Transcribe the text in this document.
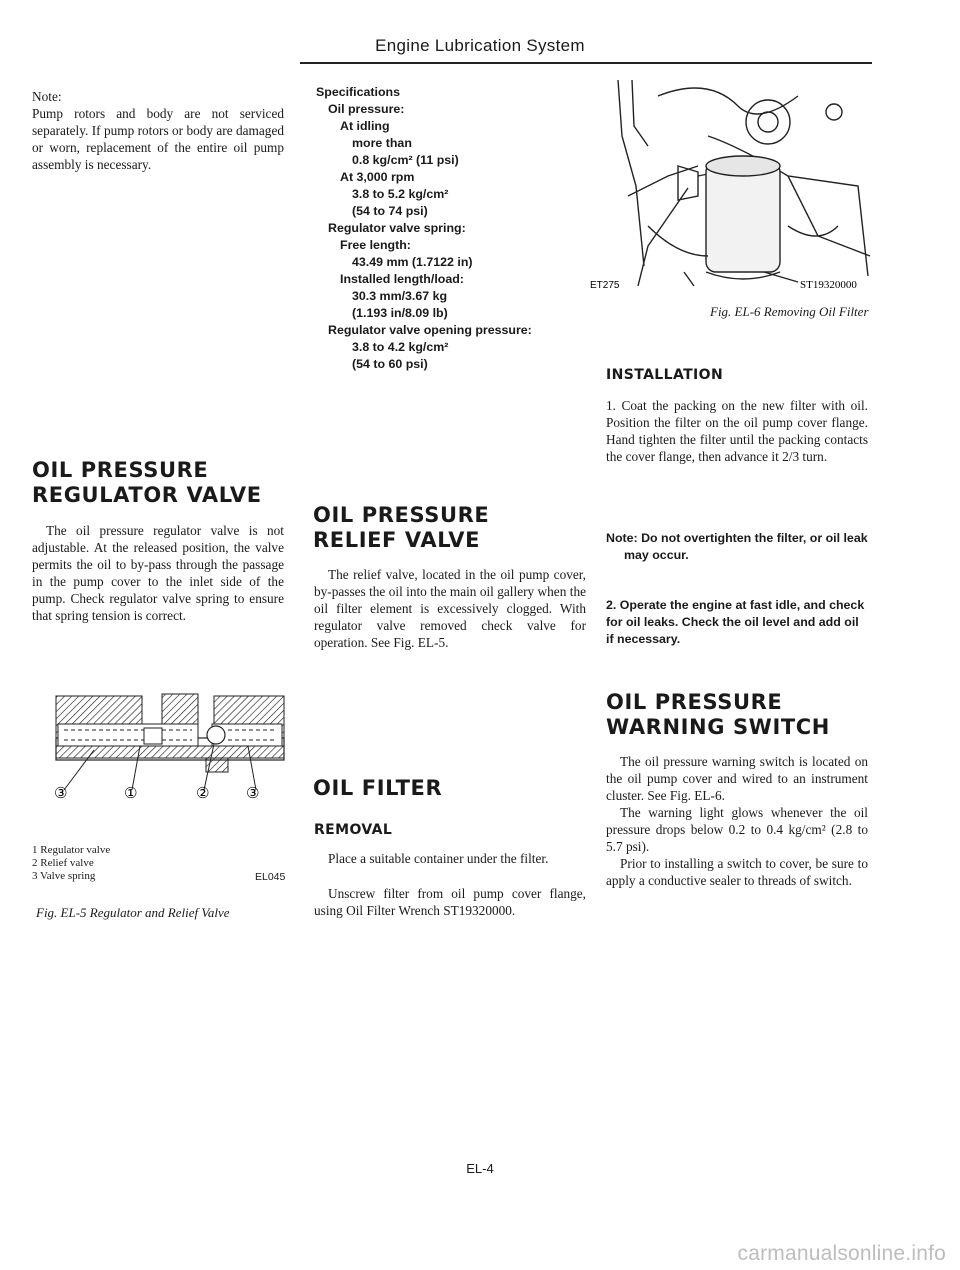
Engine Lubrication System
Note:
Pump rotors and body are not serviced separately. If pump rotors or body are damaged or worn, replacement of the entire oil pump assembly is necessary.
OIL PRESSURE
REGULATOR VALVE
The oil pressure regulator valve is not adjustable. At the released position, the valve permits the oil to by-pass through the passage in the pump cover to the inlet side of the pump. Check regulator valve spring to ensure that spring tension is correct.
③	①	② ③
1 Regulator valve
2 Relief valve
3 Valve spring	EL045
Fig. EL-5 Regulator and Relief Valve
Specifications
Oil pressure:
At idling
more than
0.8 kg/cm² (11 psi)
At 3,000 rpm
3.8 to 5.2 kg/cm²
(54 to 74 psi)
Regulator valve spring:
Free length:
43.49 mm (1.7122 in)
Installed length/load:
30.3 mm/3.67 kg
(1.193 in/8.09 lb)
Regulator valve opening pressure:
3.8 to 4.2 kg/cm²
(54 to 60 psi)
OIL PRESSURE
RELIEF VALVE
The relief valve, located in the oil pump cover, by-passes the oil into the main oil gallery when the oil filter element is excessively clogged. With regulator valve removed check valve for operation. See Fig. EL-5.
OIL FILTER
REMOVAL
Place a suitable container under the filter.
Unscrew filter from oil pump cover flange, using Oil Filter Wrench ST19320000.
ET275	ST19320000
Fig. EL-6 Removing Oil Filter
INSTALLATION
1. Coat the packing on the new filter with oil. Position the filter on the oil pump cover flange. Hand tighten the filter until the packing contacts the cover flange, then advance it 2/3 turn.
Note: Do not overtighten the filter, or oil leak may occur.
2. Operate the engine at fast idle, and check for oil leaks. Check the oil level and add oil if necessary.
OIL PRESSURE
WARNING SWITCH
The oil pressure warning switch is located on the oil pump cover and wired to an instrument cluster. See Fig. EL-6.
The warning light glows whenever the oil pressure drops below 0.2 to 0.4 kg/cm² (2.8 to 5.7 psi).
Prior to installing a switch to cover, be sure to apply a conductive sealer to threads of switch.
EL-4
carmanualsonline.info
